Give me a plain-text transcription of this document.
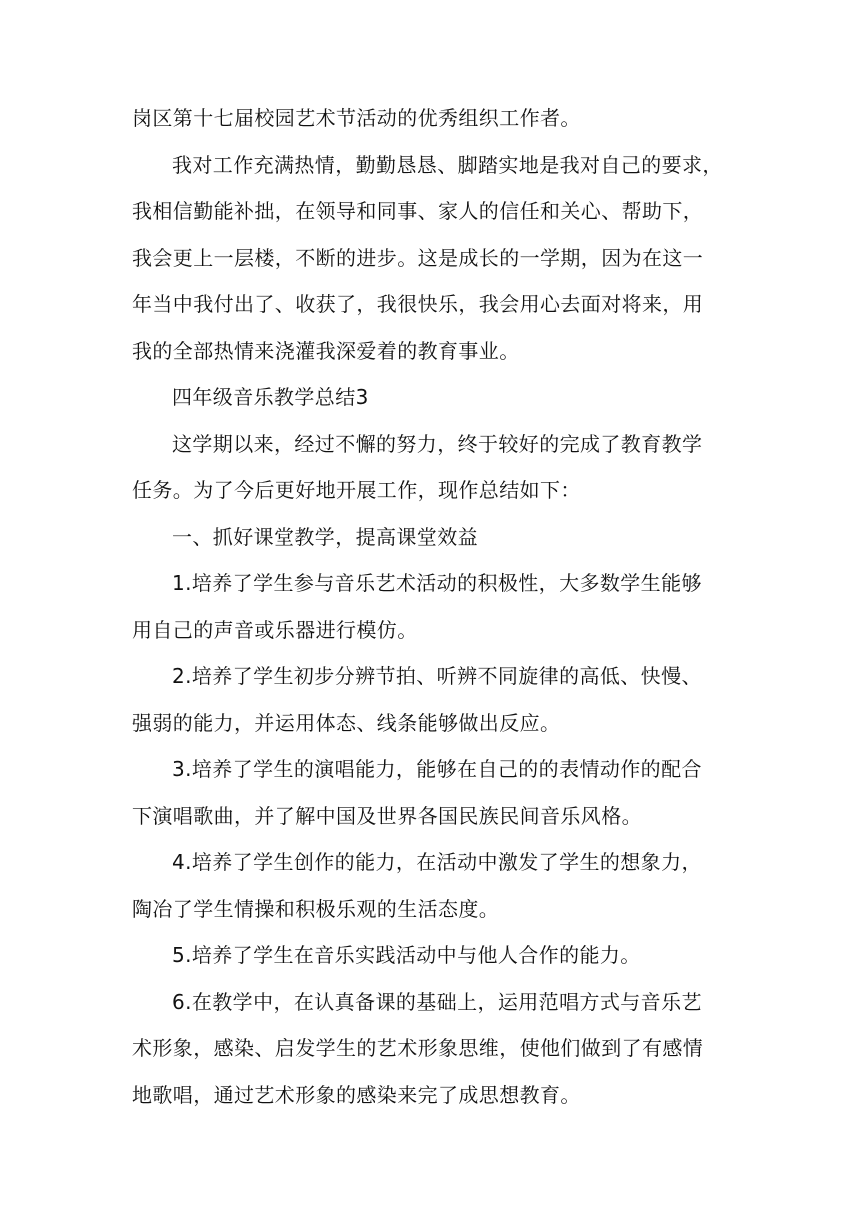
岗区第十七届校园艺术节活动的优秀组织工作者。
我对工作充满热情，勤勤恳恳、脚踏实地是我对自己的要求，
我相信勤能补拙，在领导和同事、家人的信任和关心、帮助下，
我会更上一层楼，不断的进步。这是成长的一学期，因为在这一
年当中我付出了、收获了，我很快乐，我会用心去面对将来，用
我的全部热情来浇灌我深爱着的教育事业。
四年级音乐教学总结3
这学期以来，经过不懈的努力，终于较好的完成了教育教学
任务。为了今后更好地开展工作，现作总结如下：
一、抓好课堂教学，提高课堂效益
1.培养了学生参与音乐艺术活动的积极性，大多数学生能够
用自己的声音或乐器进行模仿。
2.培养了学生初步分辨节拍、听辨不同旋律的高低、快慢、
强弱的能力，并运用体态、线条能够做出反应。
3.培养了学生的演唱能力，能够在自己的的表情动作的配合
下演唱歌曲，并了解中国及世界各国民族民间音乐风格。
4.培养了学生创作的能力，在活动中激发了学生的想象力，
陶冶了学生情操和积极乐观的生活态度。
5.培养了学生在音乐实践活动中与他人合作的能力。
6.在教学中，在认真备课的基础上，运用范唱方式与音乐艺
术形象，感染、启发学生的艺术形象思维，使他们做到了有感情
地歌唱，通过艺术形象的感染来完了成思想教育。
